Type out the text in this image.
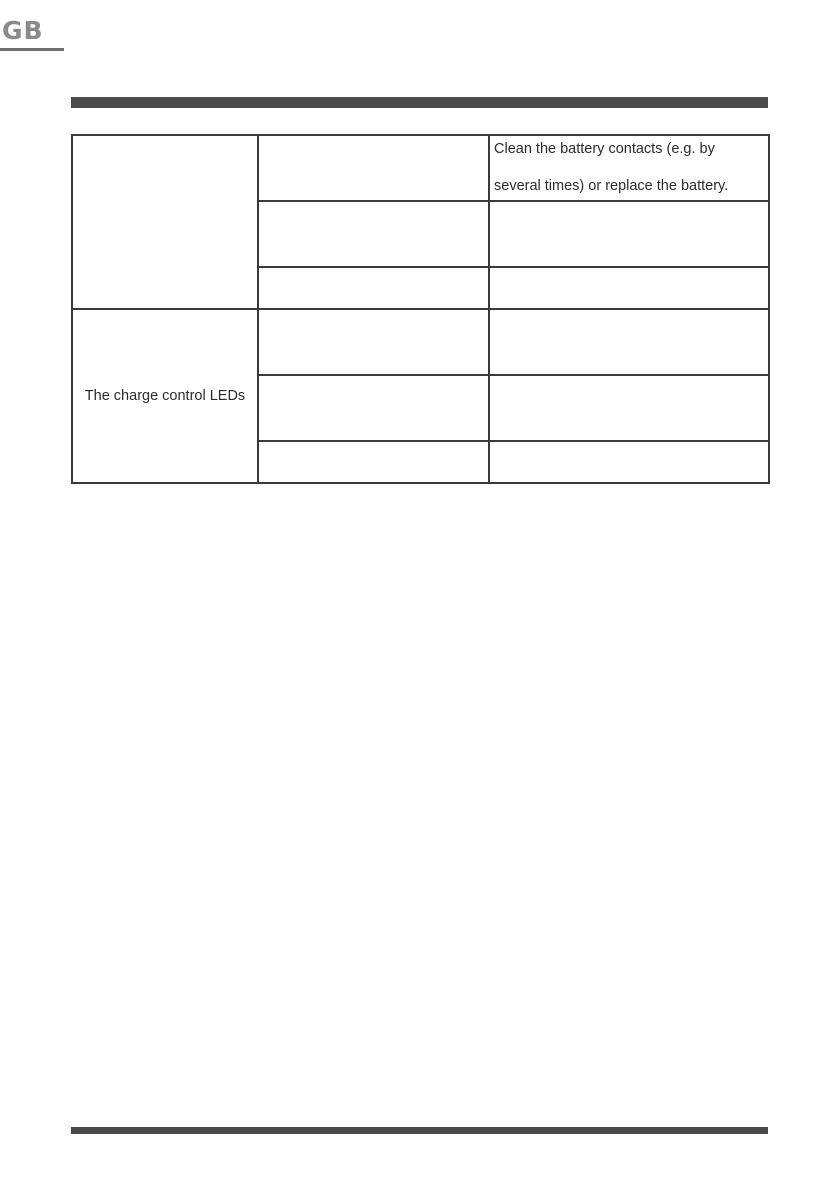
GB
		Clean the battery contacts (e.g. by
several times) or replace the battery.

The charge control LEDs		
